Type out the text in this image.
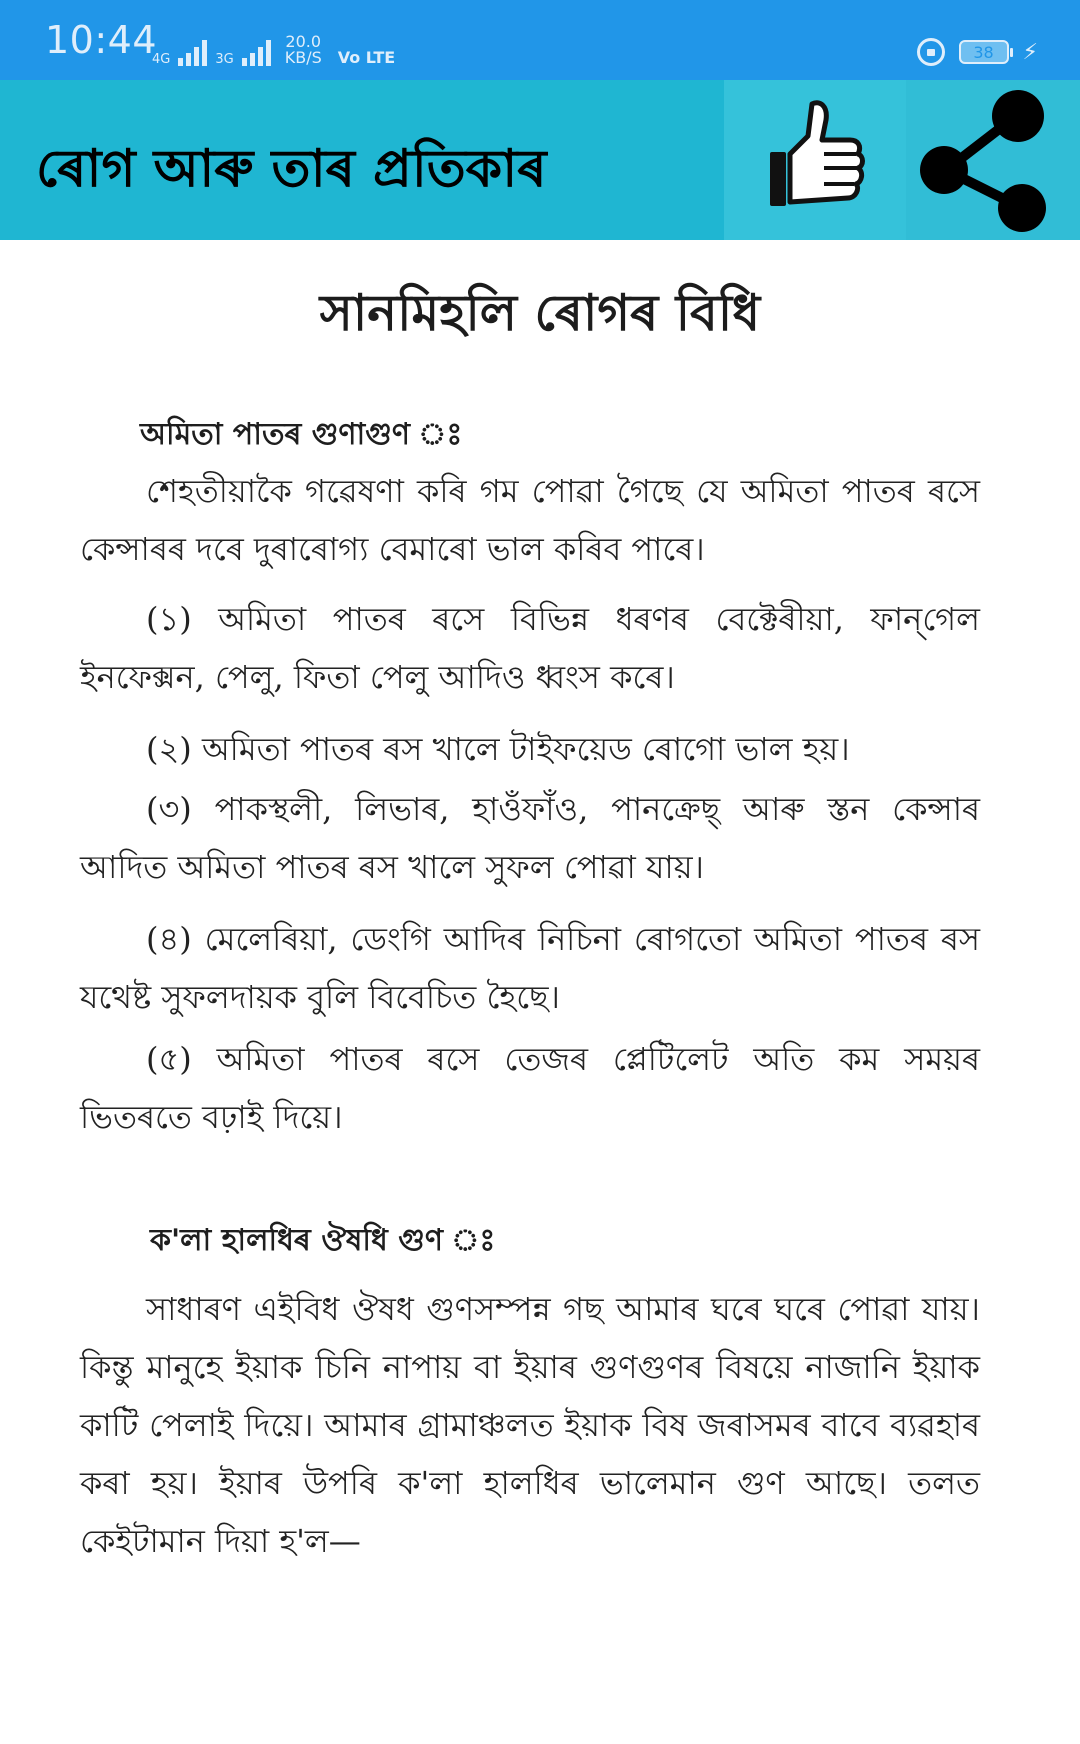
10:44
4G	3G
20.0
KB/S Vo LTE	38 ⚡
ৰোগ আৰু তাৰ প্ৰতিকাৰ
সানমিহলি ৰোগৰ বিধি
অমিতা পাতৰ গুণাগুণ ঃ
শেহতীয়াকৈ গৱেষণা কৰি গম পোৱা গৈছে যে অমিতা পাতৰ ৰসে কেন্সাৰৰ দৰে দুৰাৰোগ্য বেমাৰো ভাল কৰিব পাৰে।
(১) অমিতা পাতৰ ৰসে বিভিন্ন ধৰণৰ বেক্টেৰীয়া, ফান্‌গেল ইনফেক্সন, পেলু, ফিতা পেলু আদিও ধ্বংস কৰে।
(২) অমিতা পাতৰ ৰস খালে টাইফয়েড ৰোগো ভাল হয়।
(৩) পাকস্থলী, লিভাৰ, হাওঁফাঁও, পানক্ৰেছ্‌ আৰু স্তন কেন্সাৰ আদিত অমিতা পাতৰ ৰস খালে সুফল পোৱা যায়।
(৪) মেলেৰিয়া, ডেংগি আদিৰ নিচিনা ৰোগতো অমিতা পাতৰ ৰস যথেষ্ট সুফলদায়ক বুলি বিবেচিত হৈছে।
(৫) অমিতা পাতৰ ৰসে তেজৰ প্লেটিলেট অতি কম সময়ৰ ভিতৰতে বঢ়াই দিয়ে।
ক'লা হালধিৰ ঔষধি গুণ ঃ
সাধাৰণ এইবিধ ঔষধ গুণসম্পন্ন গছ আমাৰ ঘৰে ঘৰে পোৱা যায়। কিন্তু মানুহে ইয়াক চিনি নাপায় বা ইয়াৰ গুণগুণৰ বিষয়ে নাজানি ইয়াক কাটি পেলাই দিয়ে। আমাৰ গ্ৰামাঞ্চলত ইয়াক বিষ জৰাসমৰ বাবে ব্যৱহাৰ কৰা হয়। ইয়াৰ উপৰি ক'লা হালধিৰ ভালেমান গুণ আছে। তলত কেইটামান দিয়া হ'ল—
